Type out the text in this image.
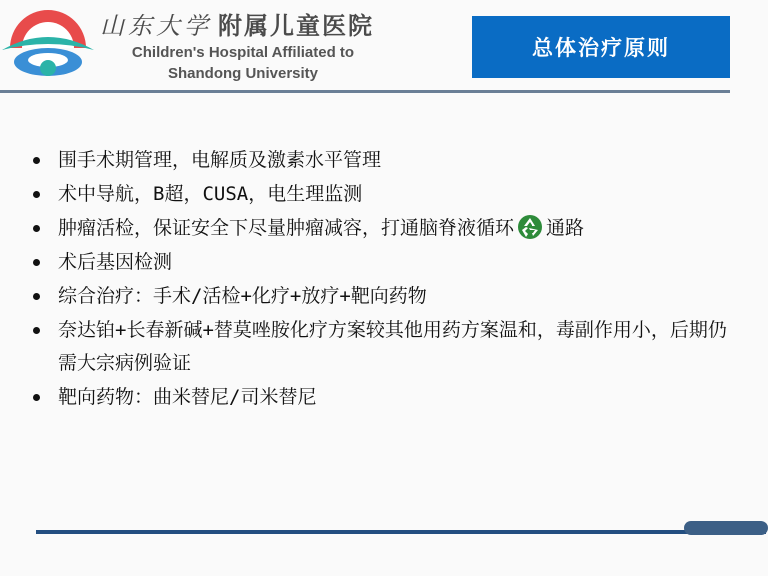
山东大学 附属儿童医院
Children's Hospital Affiliated to
Shandong University
总体治疗原则
围手术期管理，电解质及激素水平管理
术中导航，B超，CUSA，电生理监测
肿瘤活检，保证安全下尽量肿瘤减容，打通脑脊液循环 通路
术后基因检测
综合治疗：手术/活检+化疗+放疗+靶向药物
奈达铂+长春新碱+替莫唑胺化疗方案较其他用药方案温和，毒副作用小，后期仍需大宗病例验证
靶向药物：曲米替尼/司米替尼
